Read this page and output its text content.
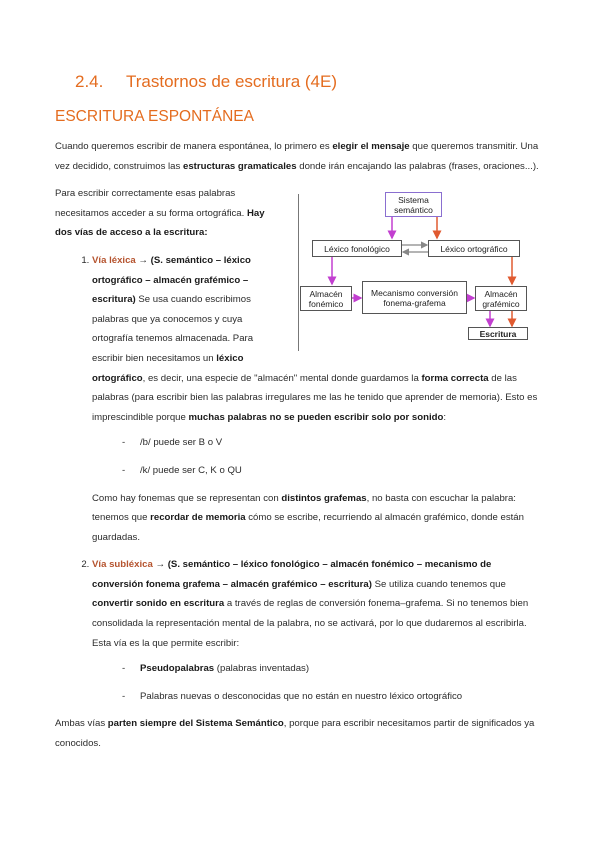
2.4. Trastornos de escritura (4E)
ESCRITURA ESPONTÁNEA

Cuando queremos escribir de manera espontánea, lo primero es elegir el mensaje que queremos transmitir. Una vez decidido, construimos las estructuras gramaticales donde irán encajando las palabras (frases, oraciones...).

Sistema semántico
Léxico fonológico	Léxico ortográfico
Almacén fonémico
Mecanismo conversión fonema-grafema
Almacén grafémico
Escritura
Para escribir correctamente esas palabras necesitamos acceder a su forma ortográfica. Hay dos vías de acceso a la escritura:

1. Vía léxica → (S. semántico – léxico ortográfico – almacén grafémico – escritura) Se usa cuando escribimos palabras que ya conocemos y cuya ortografía tenemos almacenada. Para escribir bien necesitamos un léxico ortográfico, es decir, una especie de "almacén" mental donde guardamos la forma correcta de las palabras (para escribir bien las palabras irregulares me las he tenido que aprender de memoria). Esto es imprescindible porque muchas palabras no se pueden escribir solo por sonido:
- /b/ puede ser B o V
- /k/ puede ser C, K o QU
Como hay fonemas que se representan con distintos grafemas, no basta con escuchar la palabra: tenemos que recordar de memoria cómo se escribe, recurriendo al almacén grafémico, donde están guardadas.
2. Vía subléxica → (S. semántico – léxico fonológico – almacén fonémico – mecanismo de conversión fonema grafema – almacén grafémico – escritura) Se utiliza cuando tenemos que convertir sonido en escritura a través de reglas de conversión fonema–grafema. Si no tenemos bien consolidada la representación mental de la palabra, no se activará, por lo que dudaremos al escribirla. Esta vía es la que permite escribir:
- Pseudopalabras (palabras inventadas)
- Palabras nuevas o desconocidas que no están en nuestro léxico ortográfico

Ambas vías parten siempre del Sistema Semántico, porque para escribir necesitamos partir de significados ya conocidos.
